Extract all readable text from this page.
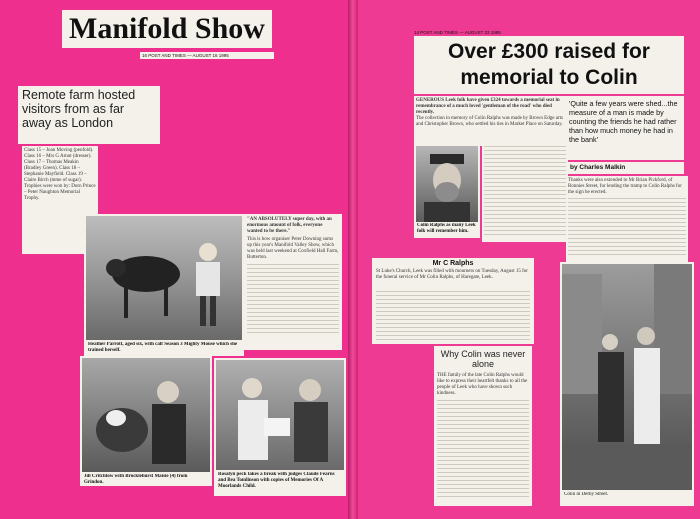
Manifold Show
16 POST AND TIMES — AUGUST 16 1995
Remote farm hosted visitors from as far away as London
Class 15 – Joan Moving (penfold). Class 16 – Mrs G Arnot (dresser). Class 17 – Thomas Meakin (Bradley Green). Class 18 – Stephanie Mayfield. Class 19 – Claire Birch (mme of sugar). Trophies were won by: Dorn Prince – Peter Naughton Memorial Trophy.
Heather Parrott, aged six, with calf Season 3 Mighty Mouse which she trained herself.
"AN ABSOLUTELY super day, with an enormous amount of folk, everyone wanted to be there."
This is how organiser Peter Downing sums up this year's Manifold Valley Show, which was held last weekend at Coxfield Hall Farm, Butterton.
Jill Critchlow with Brocklehurst Maisie (4) from Grindon.
Rosalyn peck takes a break with judges Claude Fearns and Bea Tomlinson with copies of Memories Of A Moorlands Child.
14 POST AND TIMES — AUGUST 23 1995
Over £300 raised for memorial to Colin
GENEROUS Leek folk have given £324 towards a memorial seat in remembrance of a much loved 'gentleman of the road' who died recently.
The collection in memory of Colin Ralphs was made by Brown Edge arts and Christopher Brown, who settled his ties in Market Place on Saturday.
Colin Ralphs as many Leek folk will remember him.
'Quite a few years were shed...the measure of a man is made by counting the friends he had rather than how much money he had in the bank'
by Charles Malkin
Thanks were also extended to Mr Brian Pickford, of Ronnies Street, for lending the tramp to Colin Ralphs for the sign he erected.
Mr C Ralphs
St Luke's Church, Leek was filled with mourners on Tuesday, August 15 for the funeral service of Mr Colin Ralphs, of Haregate, Leek.
Why Colin was never alone
THE family of the late Colin Ralphs would like to express their heartfelt thanks to all the people of Leek who have shown such kindness.
Colin in Derby Street.
